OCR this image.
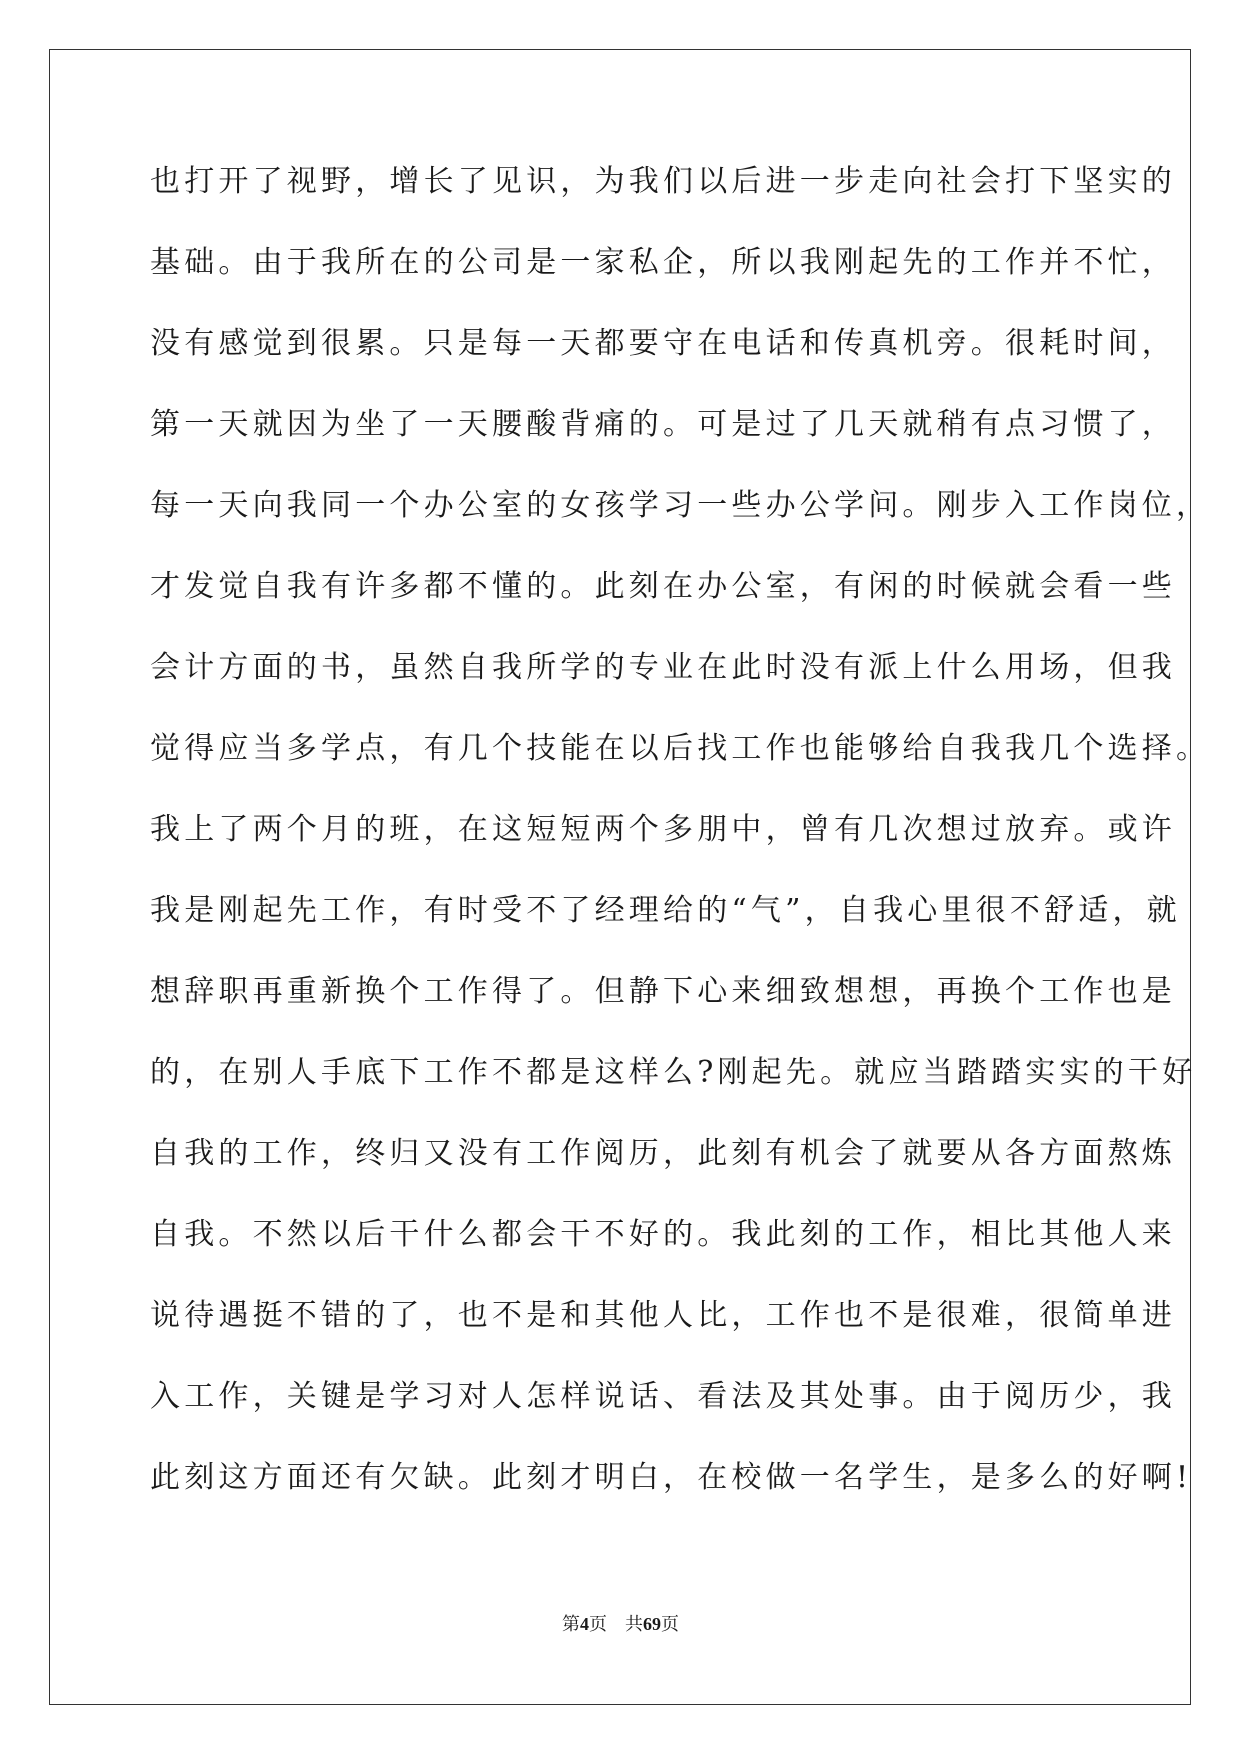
也打开了视野，增长了见识，为我们以后进一步走向社会打下坚实的
基础。由于我所在的公司是一家私企，所以我刚起先的工作并不忙，
没有感觉到很累。只是每一天都要守在电话和传真机旁。很耗时间，
第一天就因为坐了一天腰酸背痛的。可是过了几天就稍有点习惯了，
每一天向我同一个办公室的女孩学习一些办公学问。刚步入工作岗位，
才发觉自我有许多都不懂的。此刻在办公室，有闲的时候就会看一些
会计方面的书，虽然自我所学的专业在此时没有派上什么用场，但我
觉得应当多学点，有几个技能在以后找工作也能够给自我我几个选择。
我上了两个月的班，在这短短两个多朋中，曾有几次想过放弃。或许
我是刚起先工作，有时受不了经理给的“气”，自我心里很不舒适，就
想辞职再重新换个工作得了。但静下心来细致想想，再换个工作也是
的，在别人手底下工作不都是这样么?刚起先。就应当踏踏实实的干好
自我的工作，终归又没有工作阅历，此刻有机会了就要从各方面熬炼
自我。不然以后干什么都会干不好的。我此刻的工作，相比其他人来
说待遇挺不错的了，也不是和其他人比，工作也不是很难，很简单进
入工作，关键是学习对人怎样说话、看法及其处事。由于阅历少，我
此刻这方面还有欠缺。此刻才明白，在校做一名学生，是多么的好啊!
第4页 共69页
